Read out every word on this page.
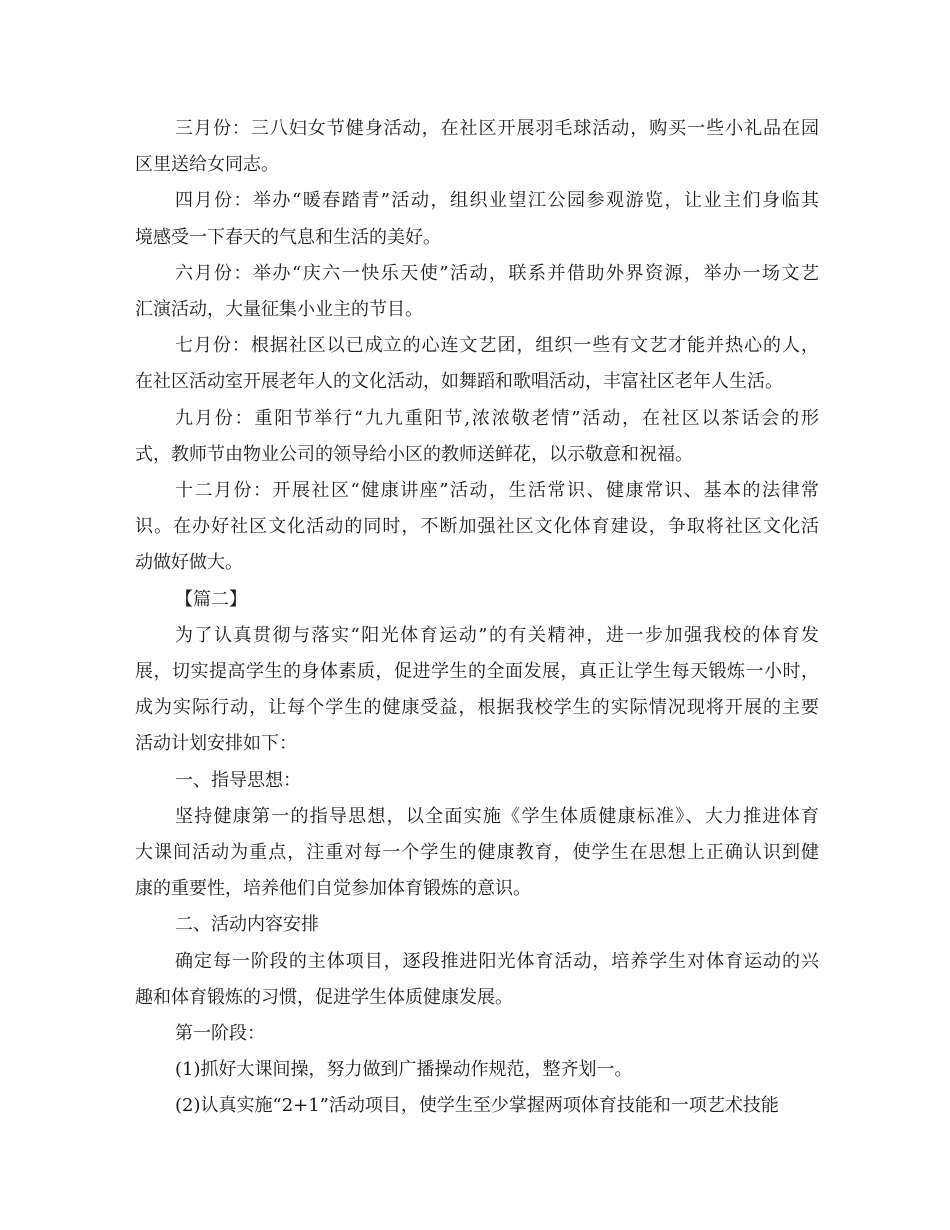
三月份：三八妇女节健身活动，在社区开展羽毛球活动，购买一些小礼品在园
区里送给女同志。
四月份：举办“暖春踏青”活动，组织业望江公园参观游览，让业主们身临其
境感受一下春天的气息和生活的美好。
六月份：举办“庆六一快乐天使”活动，联系并借助外界资源，举办一场文艺
汇演活动，大量征集小业主的节目。
七月份：根据社区以已成立的心连文艺团，组织一些有文艺才能并热心的人，
在社区活动室开展老年人的文化活动，如舞蹈和歌唱活动，丰富社区老年人生活。
九月份：重阳节举行“九九重阳节,浓浓敬老情”活动，在社区以茶话会的形
式，教师节由物业公司的领导给小区的教师送鲜花，以示敬意和祝福。
十二月份：开展社区“健康讲座”活动，生活常识、健康常识、基本的法律常
识。在办好社区文化活动的同时，不断加强社区文化体育建设，争取将社区文化活
动做好做大。
【篇二】
为了认真贯彻与落实“阳光体育运动”的有关精神，进一步加强我校的体育发
展，切实提高学生的身体素质，促进学生的全面发展，真正让学生每天锻炼一小时，
成为实际行动，让每个学生的健康受益，根据我校学生的实际情况现将开展的主要
活动计划安排如下：
一、指导思想：
坚持健康第一的指导思想，以全面实施《学生体质健康标准》、大力推进体育
大课间活动为重点，注重对每一个学生的健康教育，使学生在思想上正确认识到健
康的重要性，培养他们自觉参加体育锻炼的意识。
二、活动内容安排
确定每一阶段的主体项目，逐段推进阳光体育活动，培养学生对体育运动的兴
趣和体育锻炼的习惯，促进学生体质健康发展。
第一阶段：
(1)抓好大课间操，努力做到广播操动作规范，整齐划一。
(2)认真实施“2+1”活动项目，使学生至少掌握两项体育技能和一项艺术技能
